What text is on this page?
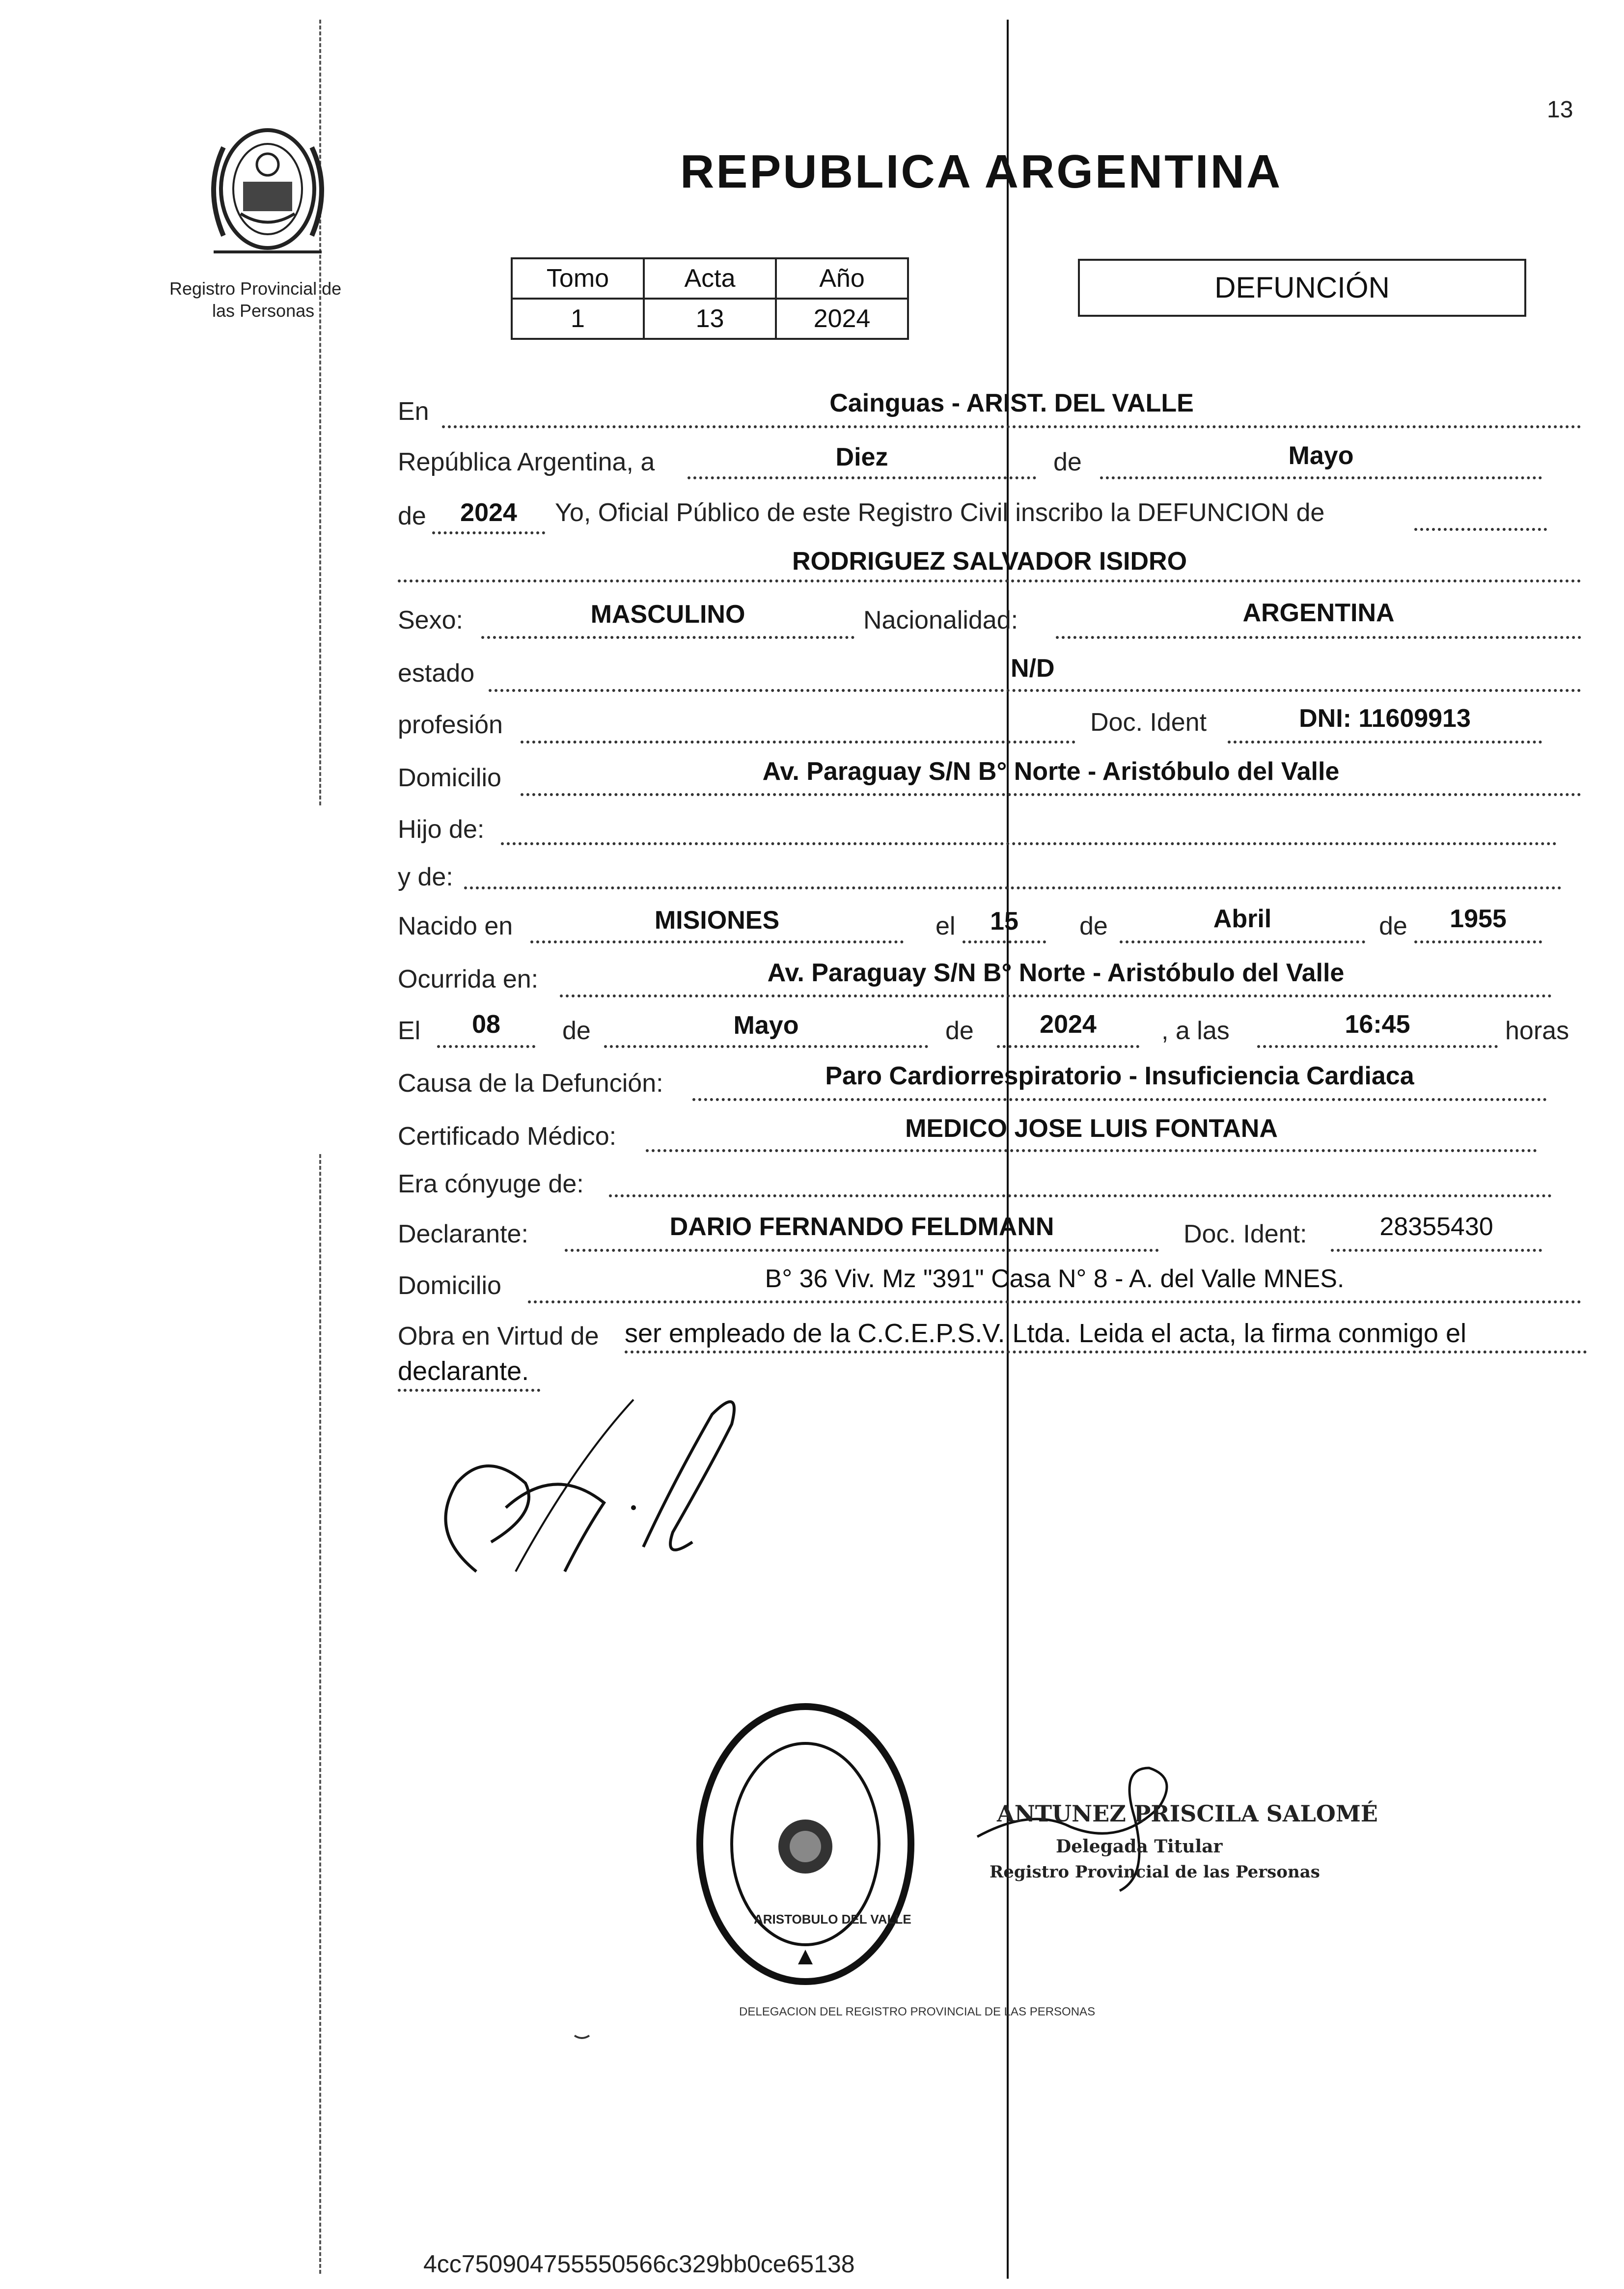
13
Registro Provincial de
las Personas
REPUBLICA ARGENTINA
Tomo	Acta	Año
1	13	2024
DEFUNCIÓN
En	Cainguas - ARIST. DEL VALLE
República Argentina, a	Diez	de	Mayo
de	2024	Yo, Oficial Público de este Registro Civil inscribo la DEFUNCION de
RODRIGUEZ SALVADOR ISIDRO
Sexo:	MASCULINO	Nacionalidad:	ARGENTINA
estado	N/D
profesión	Doc. Ident	DNI: 11609913
Domicilio	Av. Paraguay S/N B° Norte - Aristóbulo del Valle
Hijo de:
y de:
Nacido en	MISIONES	el	15	de	Abril	de	1955
Ocurrida en:	Av. Paraguay S/N B° Norte - Aristóbulo del Valle
El	08	de	Mayo	de	2024	, a las	16:45	horas
Causa de la Defunción:	Paro Cardiorrespiratorio - Insuficiencia Cardiaca
Certificado Médico:	MEDICO JOSE LUIS FONTANA
Era cónyuge de:
Declarante:	DARIO FERNANDO FELDMANN	Doc. Ident:	28355430
Domicilio	B° 36 Viv. Mz "391" Casa N° 8 - A. del Valle MNES.
Obra en Virtud de ser empleado de la C.C.E.P.S.V. Ltda. Leida el acta, la firma conmigo el
declarante.
DELEGACION DEL REGISTRO PROVINCIAL DE LAS PERSONAS
ARISTOBULO DEL VALLE
ANTUNEZ PRISCILA SALOMÉ
Delegada Titular
Registro Provincial de las Personas
4cc750904755550566c329bb0ce65138
